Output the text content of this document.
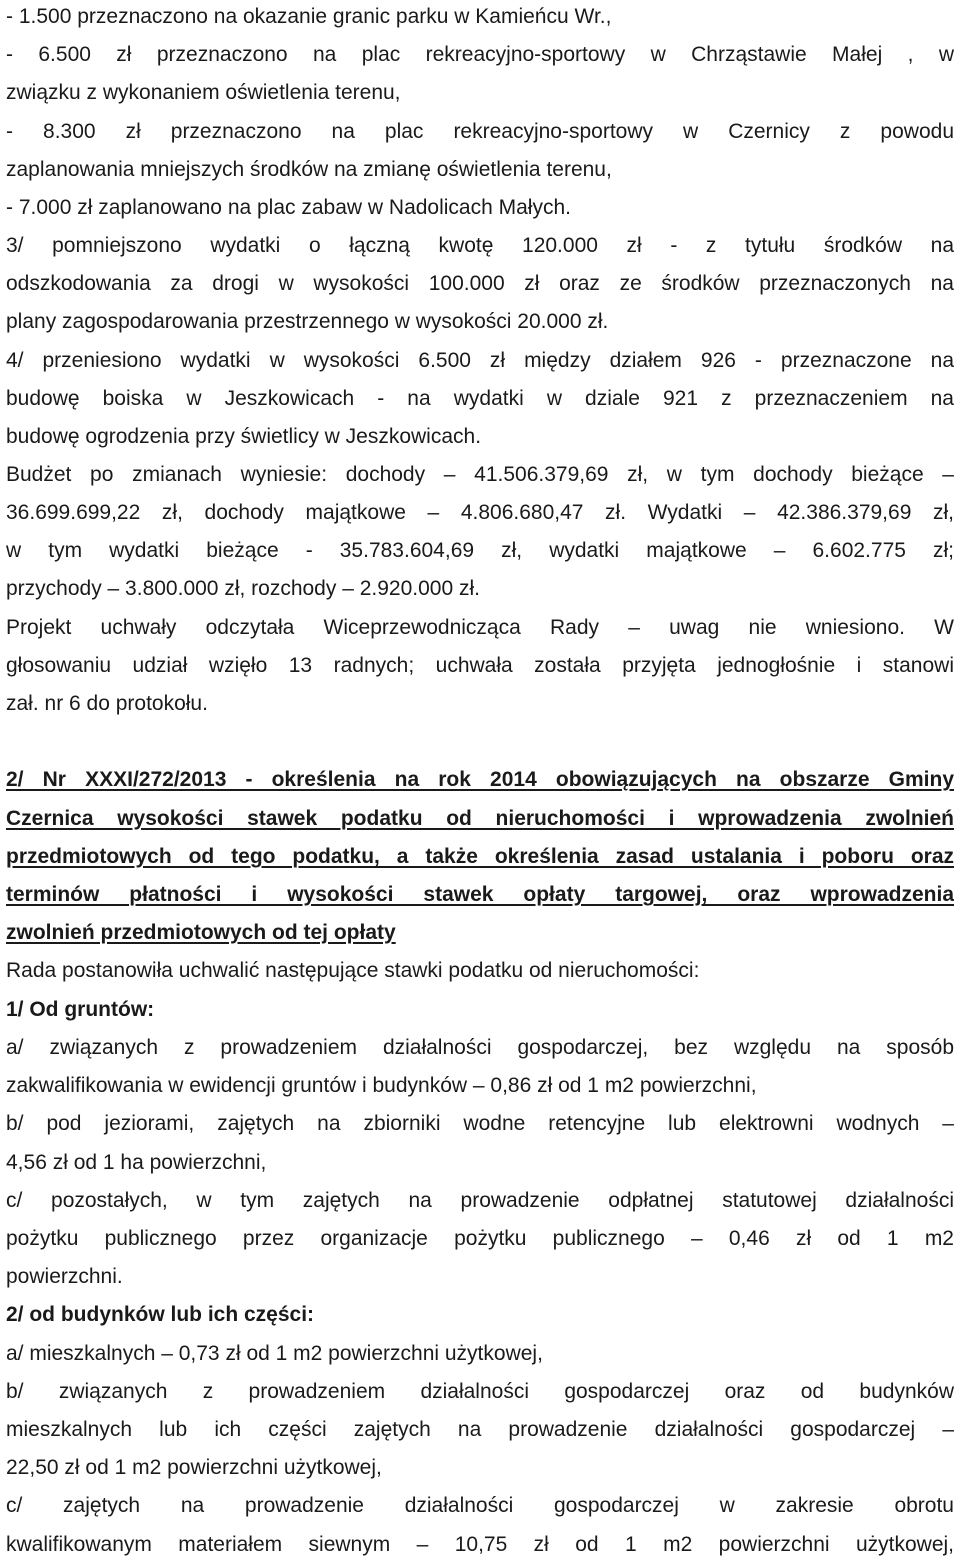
- 1.500 przeznaczono na okazanie granic parku w Kamieńcu Wr.,
- 6.500 zł przeznaczono na plac rekreacyjno-sportowy w Chrząstawie Małej , w
związku z wykonaniem oświetlenia terenu,
- 8.300 zł przeznaczono na plac rekreacyjno-sportowy w Czernicy z powodu
zaplanowania mniejszych środków na zmianę oświetlenia terenu,
- 7.000 zł zaplanowano na plac zabaw w Nadolicach Małych.
3/ pomniejszono wydatki o łączną kwotę 120.000 zł - z tytułu środków na
odszkodowania za drogi w wysokości 100.000 zł oraz ze środków przeznaczonych na
plany zagospodarowania przestrzennego w wysokości 20.000 zł.
4/ przeniesiono wydatki w wysokości 6.500 zł między działem 926 - przeznaczone na
budowę boiska w Jeszkowicach - na wydatki w dziale 921 z przeznaczeniem na
budowę ogrodzenia przy świetlicy w Jeszkowicach.
Budżet po zmianach wyniesie: dochody – 41.506.379,69 zł, w tym dochody bieżące –
36.699.699,22 zł, dochody majątkowe – 4.806.680,47 zł. Wydatki – 42.386.379,69 zł,
w tym wydatki bieżące - 35.783.604,69 zł, wydatki majątkowe – 6.602.775 zł;
przychody – 3.800.000 zł, rozchody – 2.920.000 zł.
Projekt uchwały odczytała Wiceprzewodnicząca Rady – uwag nie wniesiono. W
głosowaniu udział wzięło 13 radnych; uchwała została przyjęta jednogłośnie i stanowi
zał. nr 6 do protokołu.
2/ Nr XXXI/272/2013 - określenia na rok 2014 obowiązujących na obszarze Gminy
Czernica wysokości stawek podatku od nieruchomości i wprowadzenia zwolnień
przedmiotowych od tego podatku, a także określenia zasad ustalania i poboru oraz
terminów płatności i wysokości stawek opłaty targowej, oraz wprowadzenia
zwolnień przedmiotowych od tej opłaty
Rada postanowiła uchwalić następujące stawki podatku od nieruchomości:
1/ Od gruntów:
a/ związanych z prowadzeniem działalności gospodarczej, bez względu na sposób
zakwalifikowania w ewidencji gruntów i budynków – 0,86 zł od 1 m2 powierzchni,
b/ pod jeziorami, zajętych na zbiorniki wodne retencyjne lub elektrowni wodnych –
4,56 zł od 1 ha powierzchni,
c/ pozostałych, w tym zajętych na prowadzenie odpłatnej statutowej działalności
pożytku publicznego przez organizacje pożytku publicznego – 0,46 zł od 1 m2
powierzchni.
2/ od budynków lub ich części:
a/ mieszkalnych – 0,73 zł od 1 m2 powierzchni użytkowej,
b/ związanych z prowadzeniem działalności gospodarczej oraz od budynków
mieszkalnych lub ich części zajętych na prowadzenie działalności gospodarczej –
22,50 zł od 1 m2 powierzchni użytkowej,
c/ zajętych na prowadzenie działalności gospodarczej w zakresie obrotu
kwalifikowanym materiałem siewnym – 10,75 zł od 1 m2 powierzchni użytkowej,
